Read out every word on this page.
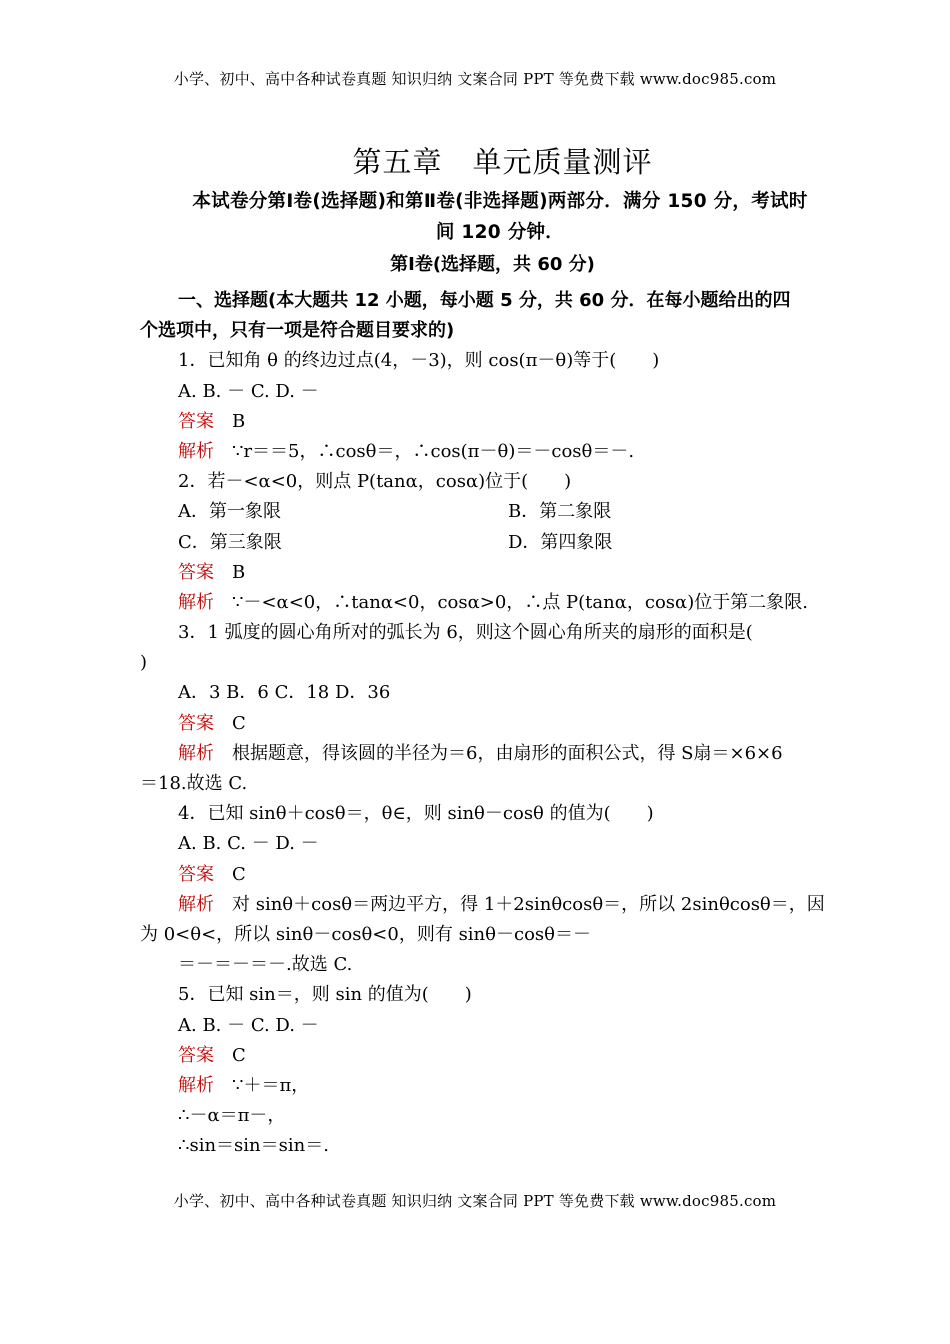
小学、初中、高中各种试卷真题 知识归纳 文案合同 PPT 等免费下载 www.doc985.com
第五章　单元质量测评
本试卷分第Ⅰ卷(选择题)和第Ⅱ卷(非选择题)两部分．满分 150 分，考试时
间 120 分钟．
第Ⅰ卷(选择题，共 60 分)
一、选择题(本大题共 12 小题，每小题 5 分，共 60 分．在每小题给出的四
个选项中，只有一项是符合题目要求的)
1．已知角 θ 的终边过点(4，－3)，则 cos(π－θ)等于(　　)
A. B. － C. D. －
答案 B
解析 ∵r＝＝5，∴cosθ＝，∴cos(π－θ)＝－cosθ＝－.
2．若－<α<0，则点 P(tanα，cosα)位于(　　)
A．第一象限	B．第二象限
C．第三象限	D．第四象限
答案 B
解析 ∵－<α<0，∴tanα<0，cosα>0，∴点 P(tanα，cosα)位于第二象限.
3．1 弧度的圆心角所对的弧长为 6，则这个圆心角所夹的扇形的面积是(
)
A．3 B．6 C．18 D．36
答案 C
解析 根据题意，得该圆的半径为＝6，由扇形的面积公式，得 S扇＝×6×6
＝18.故选 C.
4．已知 sinθ＋cosθ＝，θ∈，则 sinθ－cosθ 的值为(　　)
A. B. C. － D. －
答案 C
解析 对 sinθ＋cosθ＝两边平方，得 1＋2sinθcosθ＝，所以 2sinθcosθ＝，因
为 0<θ<，所以 sinθ－cosθ<0，则有 sinθ－cosθ＝－
＝－＝－＝－.故选 C.
5．已知 sin＝，则 sin 的值为(　　)
A. B. － C. D. －
答案 C
解析 ∵＋＝π，
∴－α＝π－，
∴sin＝sin＝sin＝.
小学、初中、高中各种试卷真题 知识归纳 文案合同 PPT 等免费下载 www.doc985.com
